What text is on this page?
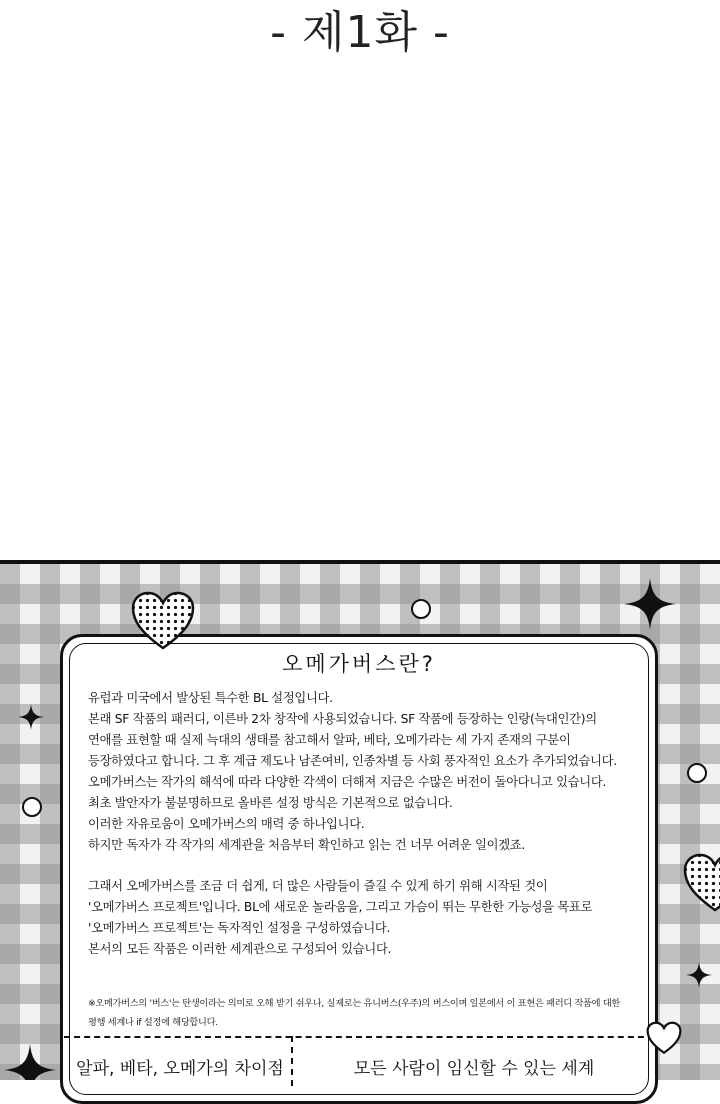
- 제1화 -
오메가버스란?
유럽과 미국에서 발상된 특수한 BL 설정입니다.
본래 SF 작품의 패러디, 이른바 2차 창작에 사용되었습니다. SF 작품에 등장하는 인랑(늑대인간)의
연애를 표현할 때 실제 늑대의 생태를 참고해서 알파, 베타, 오메가라는 세 가지 존재의 구분이
등장하였다고 합니다. 그 후 계급 제도나 남존여비, 인종차별 등 사회 풍자적인 요소가 추가되었습니다.
오메가버스는 작가의 해석에 따라 다양한 각색이 더해져 지금은 수많은 버전이 돌아다니고 있습니다.
최초 발안자가 불분명하므로 올바른 설정 방식은 기본적으로 없습니다.
이러한 자유로움이 오메가버스의 매력 중 하나입니다.
하지만 독자가 각 작가의 세계관을 처음부터 확인하고 읽는 건 너무 어려운 일이겠죠.
그래서 오메가버스를 조금 더 쉽게, 더 많은 사람들이 즐길 수 있게 하기 위해 시작된 것이
'오메가버스 프로젝트'입니다. BL에 새로운 놀라움을, 그리고 가슴이 뛰는 무한한 가능성을 목표로
'오메가버스 프로젝트'는 독자적인 설정을 구성하였습니다.
본서의 모든 작품은 이러한 세계관으로 구성되어 있습니다.
※오메가버스의 '버스'는 탄생이라는 의미로 오해 받기 쉬우나, 실제로는 유니버스(우주)의 버스이며 일본에서 이 표현은 패러디 작품에 대한
평행 세계나 if 설정에 해당합니다.
알파, 베타, 오메가의 차이점	모든 사람이 임신할 수 있는 세계
